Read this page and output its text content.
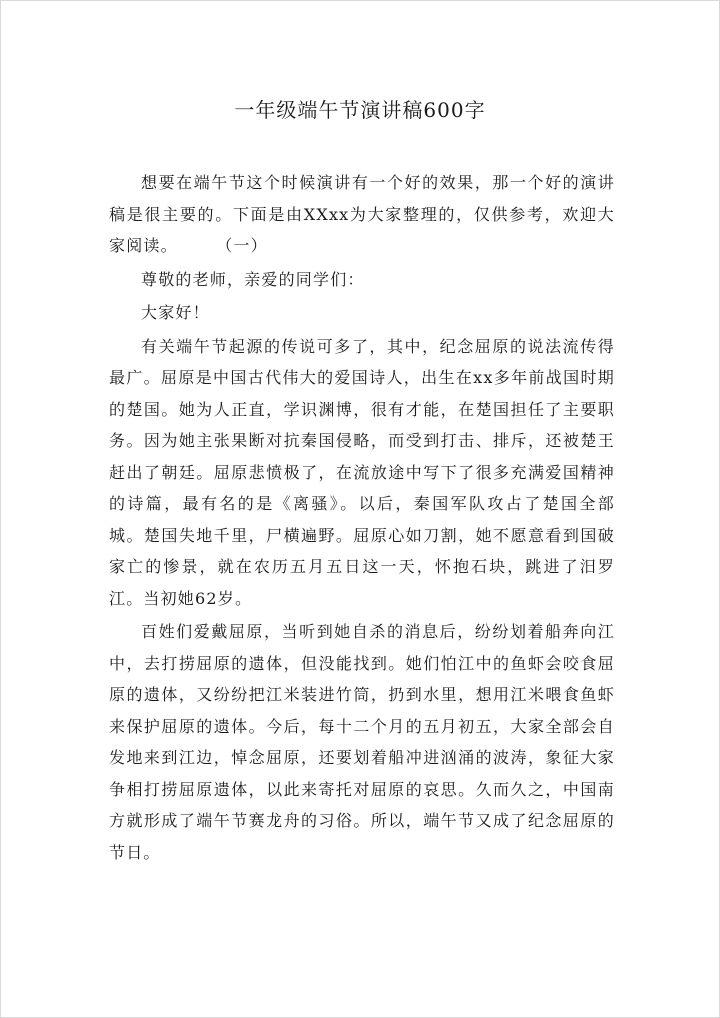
一年级端午节演讲稿600字

想要在端午节这个时候演讲有一个好的效果，那一个好的演讲稿是很主要的。下面是由XXxx为大家整理的，仅供参考，欢迎大家阅读。 （一）

尊敬的老师，亲爱的同学们：

大家好！

有关端午节起源的传说可多了，其中，纪念屈原的说法流传得最广。屈原是中国古代伟大的爱国诗人，出生在xx多年前战国时期的楚国。她为人正直，学识渊博，很有才能，在楚国担任了主要职务。因为她主张果断对抗秦国侵略，而受到打击、排斥，还被楚王赶出了朝廷。屈原悲愤极了，在流放途中写下了很多充满爱国精神的诗篇，最有名的是《离骚》。以后，秦国军队攻占了楚国全部城。楚国失地千里，尸横遍野。屈原心如刀割，她不愿意看到国破家亡的惨景，就在农历五月五日这一天，怀抱石块，跳进了汨罗江。当初她62岁。

百姓们爱戴屈原，当听到她自杀的消息后，纷纷划着船奔向江中，去打捞屈原的遗体，但没能找到。她们怕江中的鱼虾会咬食屈原的遗体，又纷纷把江米装进竹筒，扔到水里，想用江米喂食鱼虾来保护屈原的遗体。今后，每十二个月的五月初五，大家全部会自发地来到江边，悼念屈原，还要划着船冲进汹涌的波涛，象征大家争相打捞屈原遗体，以此来寄托对屈原的哀思。久而久之，中国南方就形成了端午节赛龙舟的习俗。所以，端午节又成了纪念屈原的节日。
